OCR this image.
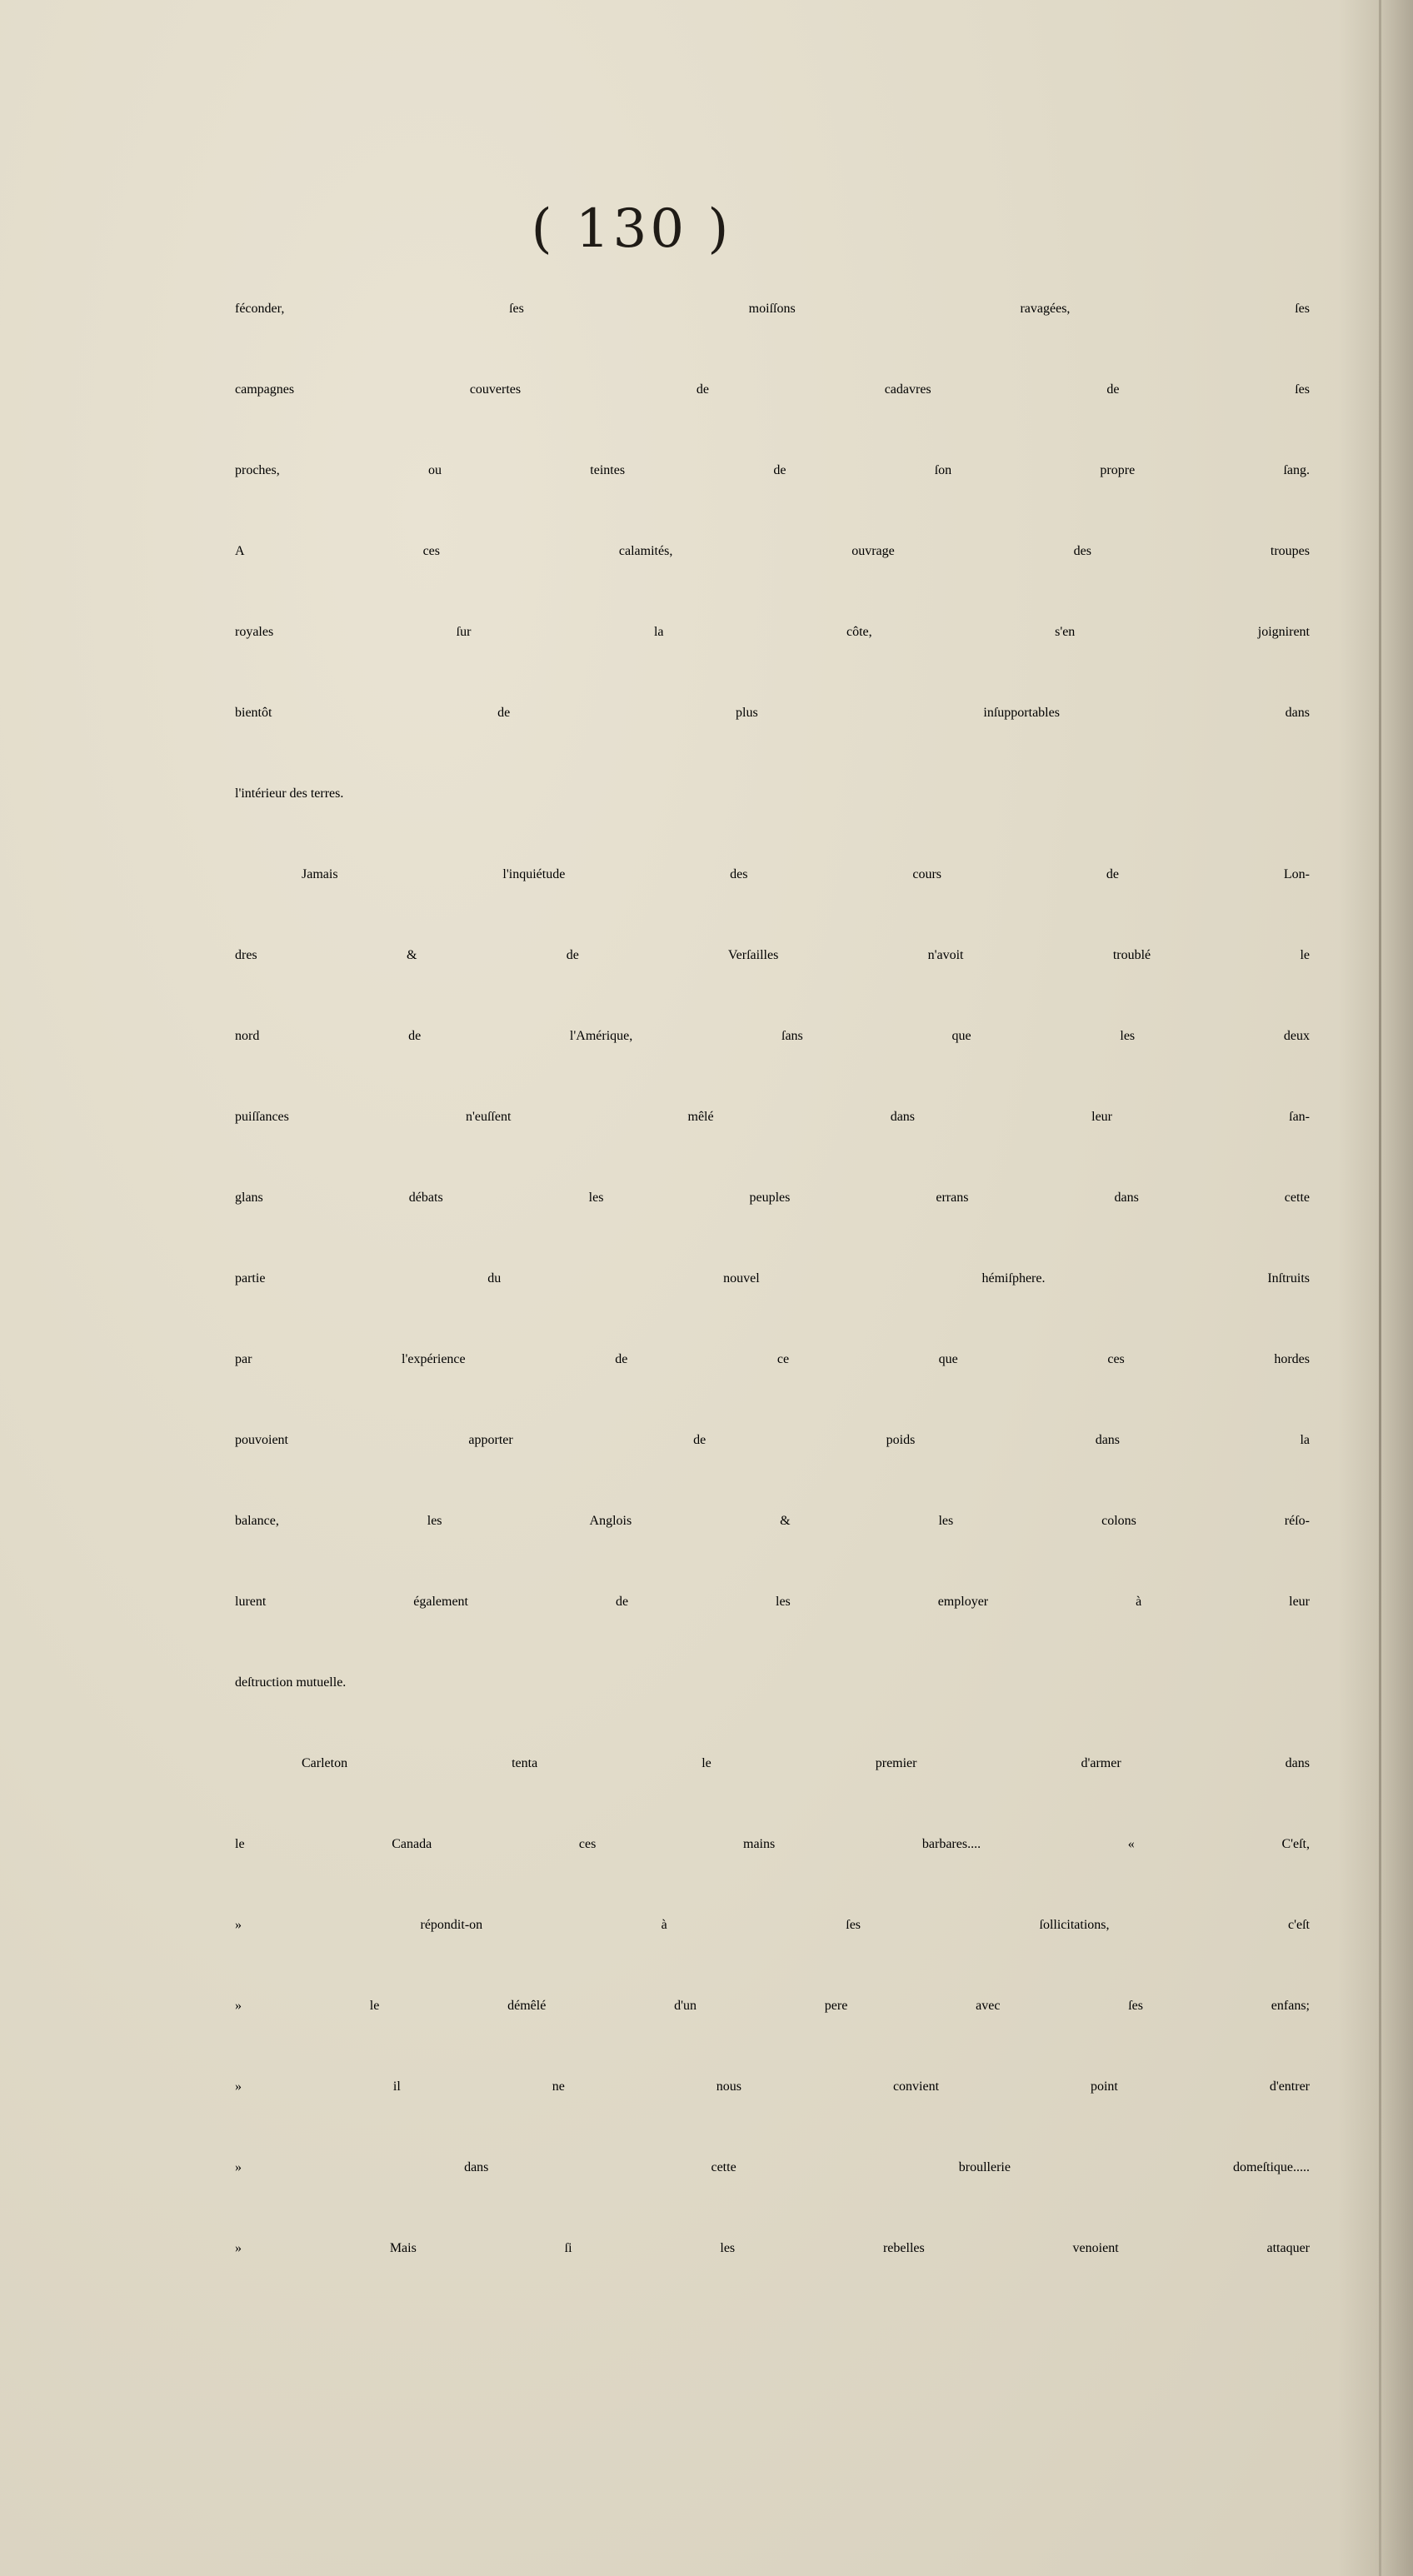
( 130 )
féconder, ſes moiſſons ravagées, ſes
campagnes couvertes de cadavres de ſes
proches, ou teintes de ſon propre ſang.
A ces calamités, ouvrage des troupes
royales ſur la côte, s'en joignirent
bientôt de plus inſupportables dans
l'intérieur des terres.
Jamais l'inquiétude des cours de Lon-
dres & de Verſailles n'avoit troublé le
nord de l'Amérique, ſans que les deux
puiſſances n'euſſent mêlé dans leur ſan-
glans débats les peuples errans dans cette
partie du nouvel hémiſphere. Inſtruits
par l'expérience de ce que ces hordes
pouvoient apporter de poids dans la
balance, les Anglois & les colons réſo-
lurent également de les employer à leur
deſtruction mutuelle.
Carleton tenta le premier d'armer dans
le Canada ces mains barbares.... « C'eſt,
» répondit-on à ſes ſollicitations, c'eſt
» le démêlé d'un pere avec ſes enfans;
» il ne nous convient point d'entrer
» dans cette broullerie domeſtique.....
» Mais ſi les rebelles venoient attaquer
